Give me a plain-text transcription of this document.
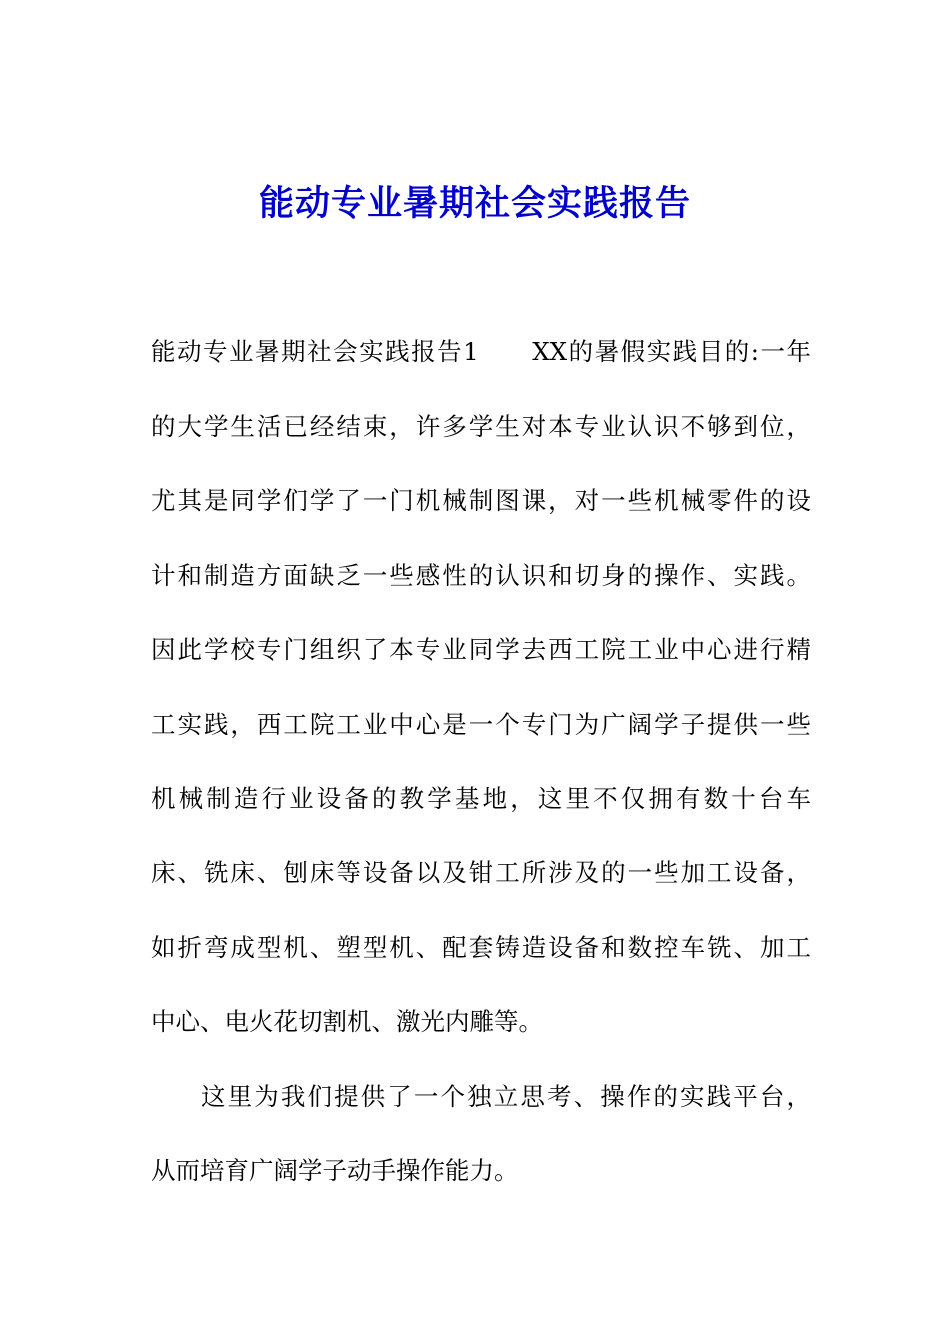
能动专业暑期社会实践报告
能动专业暑期社会实践报告1　　XX的暑假实践目的:一年
的大学生活已经结束，许多学生对本专业认识不够到位，
尤其是同学们学了一门机械制图课，对一些机械零件的设
计和制造方面缺乏一些感性的认识和切身的操作、实践。
因此学校专门组织了本专业同学去西工院工业中心进行精
工实践，西工院工业中心是一个专门为广阔学子提供一些
机械制造行业设备的教学基地，这里不仅拥有数十台车
床、铣床、刨床等设备以及钳工所涉及的一些加工设备，
如折弯成型机、塑型机、配套铸造设备和数控车铣、加工
中心、电火花切割机、激光内雕等。
这里为我们提供了一个独立思考、操作的实践平台，
从而培育广阔学子动手操作能力。
